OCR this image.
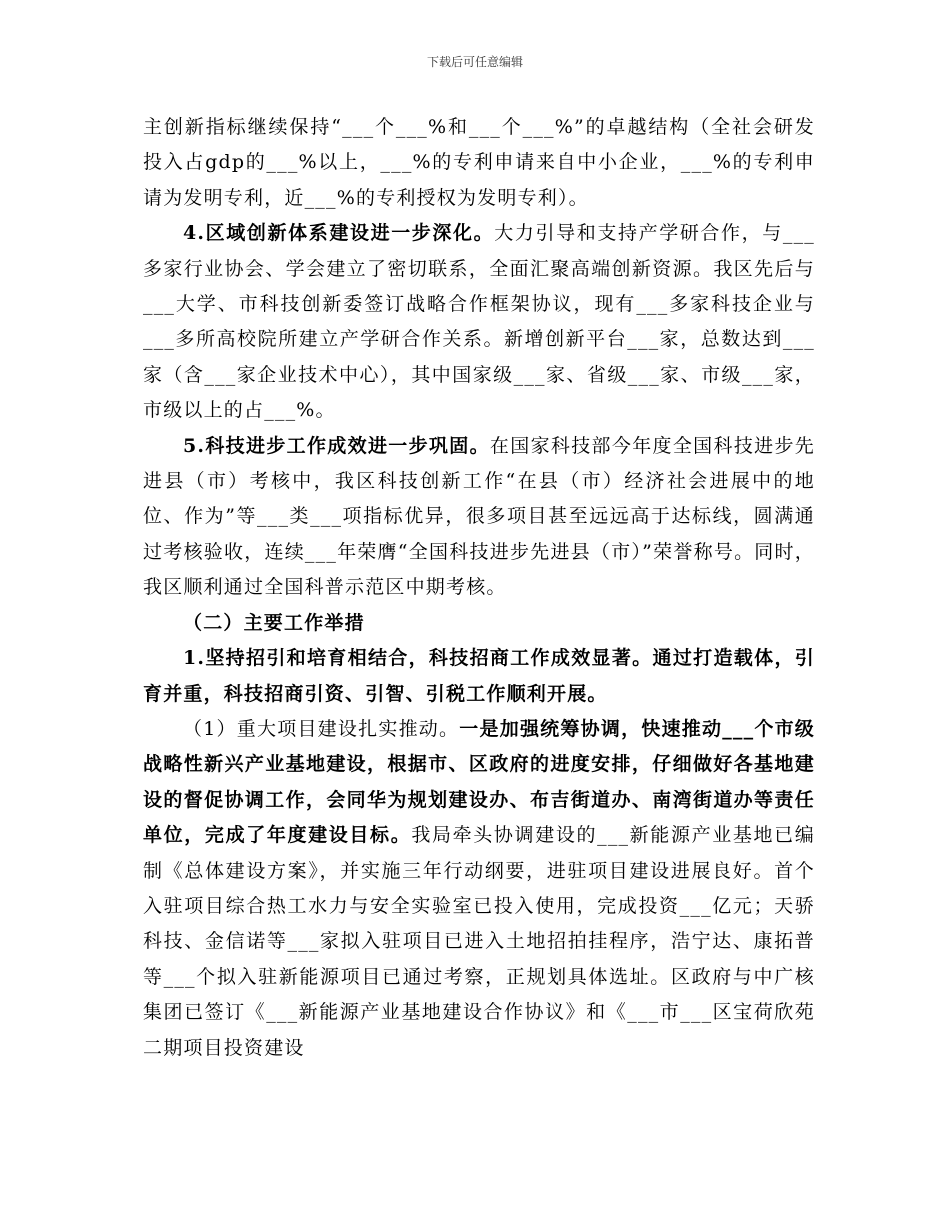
下载后可任意编辑

主创新指标继续保持“___个___%和___个___%”的卓越结构（全社会研发投入占gdp的___%以上，___%的专利申请来自中小企业，___%的专利申请为发明专利，近___%的专利授权为发明专利）。

4.区域创新体系建设进一步深化。大力引导和支持产学研合作，与___多家行业协会、学会建立了密切联系，全面汇聚高端创新资源。我区先后与___大学、市科技创新委签订战略合作框架协议，现有___多家科技企业与___多所高校院所建立产学研合作关系。新增创新平台___家，总数达到___家（含___家企业技术中心），其中国家级___家、省级___家、市级___家，市级以上的占___%。

5.科技进步工作成效进一步巩固。在国家科技部今年度全国科技进步先进县（市）考核中，我区科技创新工作“在县（市）经济社会进展中的地位、作为”等___类___项指标优异，很多项目甚至远远高于达标线，圆满通过考核验收，连续___年荣膺“全国科技进步先进县（市）”荣誉称号。同时，我区顺利通过全国科普示范区中期考核。

（二）主要工作举措

1.坚持招引和培育相结合，科技招商工作成效显著。通过打造载体，引育并重，科技招商引资、引智、引税工作顺利开展。

（1）重大项目建设扎实推动。一是加强统筹协调，快速推动___个市级战略性新兴产业基地建设，根据市、区政府的进度安排，仔细做好各基地建设的督促协调工作，会同华为规划建设办、布吉街道办、南湾街道办等责任单位，完成了年度建设目标。我局牵头协调建设的___新能源产业基地已编制《总体建设方案》，并实施三年行动纲要，进驻项目建设进展良好。首个入驻项目综合热工水力与安全实验室已投入使用，完成投资___亿元；天骄科技、金信诺等___家拟入驻项目已进入土地招拍挂程序，浩宁达、康拓普等___个拟入驻新能源项目已通过考察，正规划具体选址。区政府与中广核集团已签订《___新能源产业基地建设合作协议》和《___市___区宝荷欣苑二期项目投资建设
